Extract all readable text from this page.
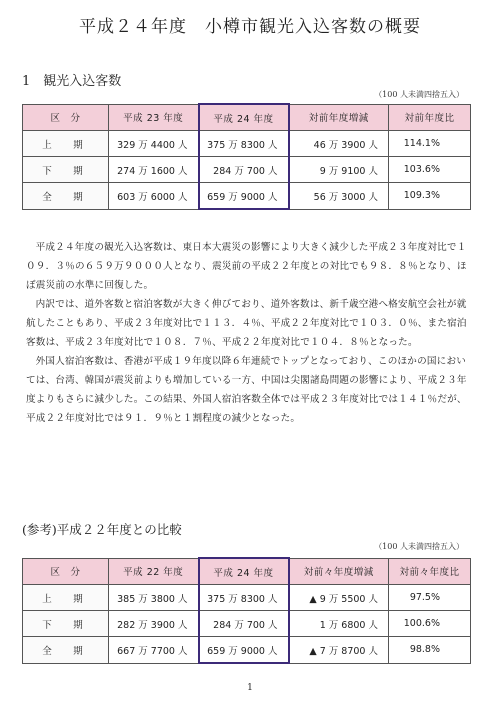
平成２４年度　小樽市観光入込客数の概要
1　観光入込客数
（100 人未満四捨五入）
区　分	平成 23 年度	平成 24 年度	対前年度増減	対前年度比
上　期	329 万 4400 人	375 万 8300 人	46 万 3900 人	114.1%
下　期	274 万 1600 人	284 万 700 人	9 万 9100 人	103.6%
全　期	603 万 6000 人	659 万 9000 人	56 万 3000 人	109.3%

平成２４年度の観光入込客数は、東日本大震災の影響により大きく減少した平成２３年度対比で１０９．３％の６５９万９０００人となり、震災前の平成２２年度との対比でも９８．８％となり、ほぼ震災前の水準に回復した。

内訳では、道外客数と宿泊客数が大きく伸びており、道外客数は、新千歳空港へ格安航空会社が就航したこともあり、平成２３年度対比で１１３．４％、平成２２年度対比で１０３．０％、また宿泊客数は、平成２３年度対比で１０８．７％、平成２２年度対比で１０４．８％となった。

外国人宿泊客数は、香港が平成１９年度以降６年連続でトップとなっており、このほかの国においては、台湾、韓国が震災前よりも増加している一方、中国は尖閣諸島問題の影響により、平成２３年度よりもさらに減少した。この結果、外国人宿泊客数全体では平成２３年度対比では１４１％だが、平成２２年度対比では９１．９％と１割程度の減少となった。

(参考)平成２２年度との比較
（100 人未満四捨五入）
区　分	平成 22 年度	平成 24 年度	対前々年度増減	対前々年度比
上　期	385 万 3800 人	375 万 8300 人	▲ 9 万 5500 人	97.5%
下　期	282 万 3900 人	284 万 700 人	1 万 6800 人	100.6%
全　期	667 万 7700 人	659 万 9000 人	▲ 7 万 8700 人	98.8%
1
